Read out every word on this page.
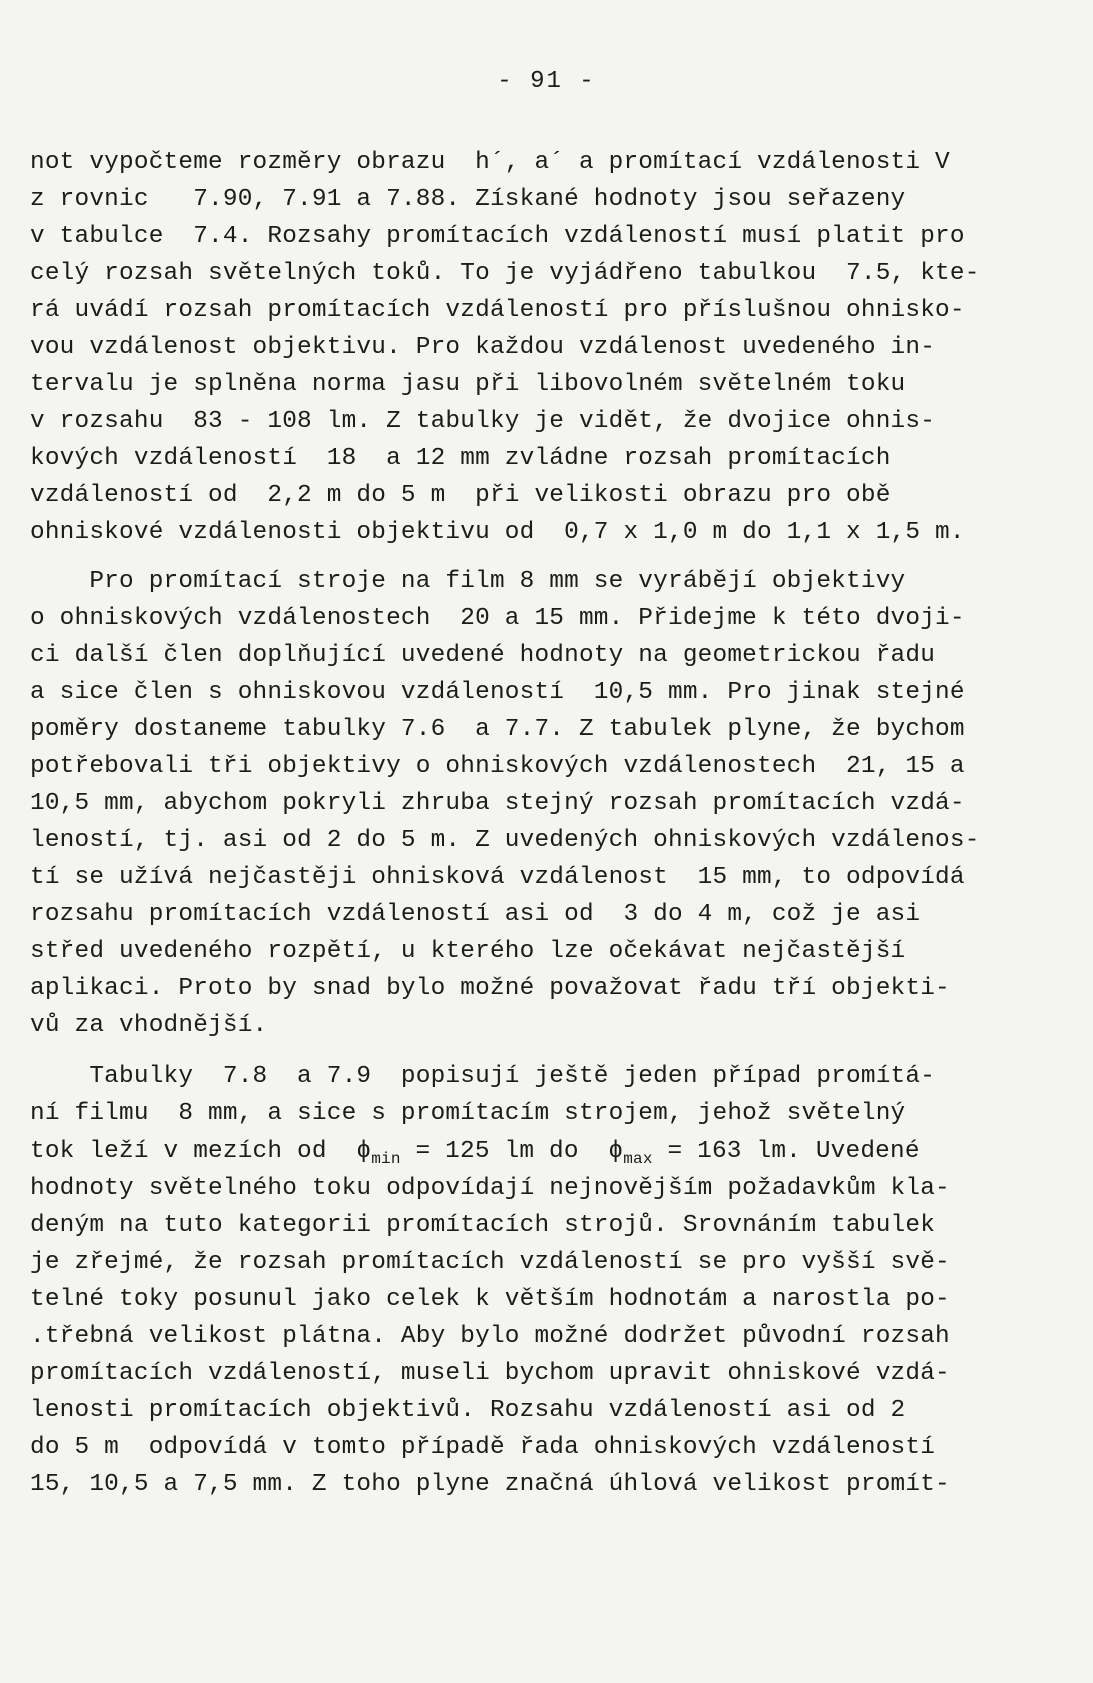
- 91 -
not vypočteme rozměry obrazu  h´, a´ a promítací vzdálenosti V
z rovnic   7.90, 7.91 a 7.88. Získané hodnoty jsou seřazeny
v tabulce  7.4. Rozsahy promítacích vzdáleností musí platit pro
celý rozsah světelných toků. To je vyjádřeno tabulkou  7.5, kte-
rá uvádí rozsah promítacích vzdáleností pro příslušnou ohnisko-
vou vzdálenost objektivu. Pro každou vzdálenost uvedeného in-
tervalu je splněna norma jasu při libovolném světelném toku
v rozsahu  83 - 108 lm. Z tabulky je vidět, že dvojice ohnis-
kových vzdáleností  18  a 12 mm zvládne rozsah promítacích
vzdáleností od  2,2 m do 5 m  při velikosti obrazu pro obě
ohniskové vzdálenosti objektivu od  0,7 x 1,0 m do 1,1 x 1,5 m.
Pro promítací stroje na film 8 mm se vyrábějí objektivy
o ohniskových vzdálenostech  20 a 15 mm. Přidejme k této dvoji-
ci další člen doplňující uvedené hodnoty na geometrickou řadu
a sice člen s ohniskovou vzdáleností  10,5 mm. Pro jinak stejné
poměry dostaneme tabulky 7.6  a 7.7. Z tabulek plyne, že bychom
potřebovali tři objektivy o ohniskových vzdálenostech  21, 15 a
10,5 mm, abychom pokryli zhruba stejný rozsah promítacích vzdá-
leností, tj. asi od 2 do 5 m. Z uvedených ohniskových vzdálenos-
tí se užívá nejčastěji ohnisková vzdálenost  15 mm, to odpovídá
rozsahu promítacích vzdáleností asi od  3 do 4 m, což je asi
střed uvedeného rozpětí, u kterého lze očekávat nejčastější
aplikaci. Proto by snad bylo možné považovat řadu tří objekti-
vů za vhodnější.
Tabulky  7.8  a 7.9  popisují ještě jeden případ promítá-
ní filmu  8 mm, a sice s promítacím strojem, jehož světelný
tok leží v mezích od  $\phi_{min} = 125$ lm do  $\phi_{max} = 163$ lm. Uvedené
hodnoty světelného toku odpovídají nejnovějším požadavkům kla-
deným na tuto kategorii promítacích strojů. Srovnáním tabulek
je zřejmé, že rozsah promítacích vzdáleností se pro vyšší svě-
telné toky posunul jako celek k větším hodnotám a narostla po-
.třebná velikost plátna. Aby bylo možné dodržet původní rozsah
promítacích vzdáleností, museli bychom upravit ohniskové vzdá-
lenosti promítacích objektivů. Rozsahu vzdáleností asi od 2
do 5 m  odpovídá v tomto případě řada ohniskových vzdáleností
15, 10,5 a 7,5 mm. Z toho plyne značná úhlová velikost promít-
